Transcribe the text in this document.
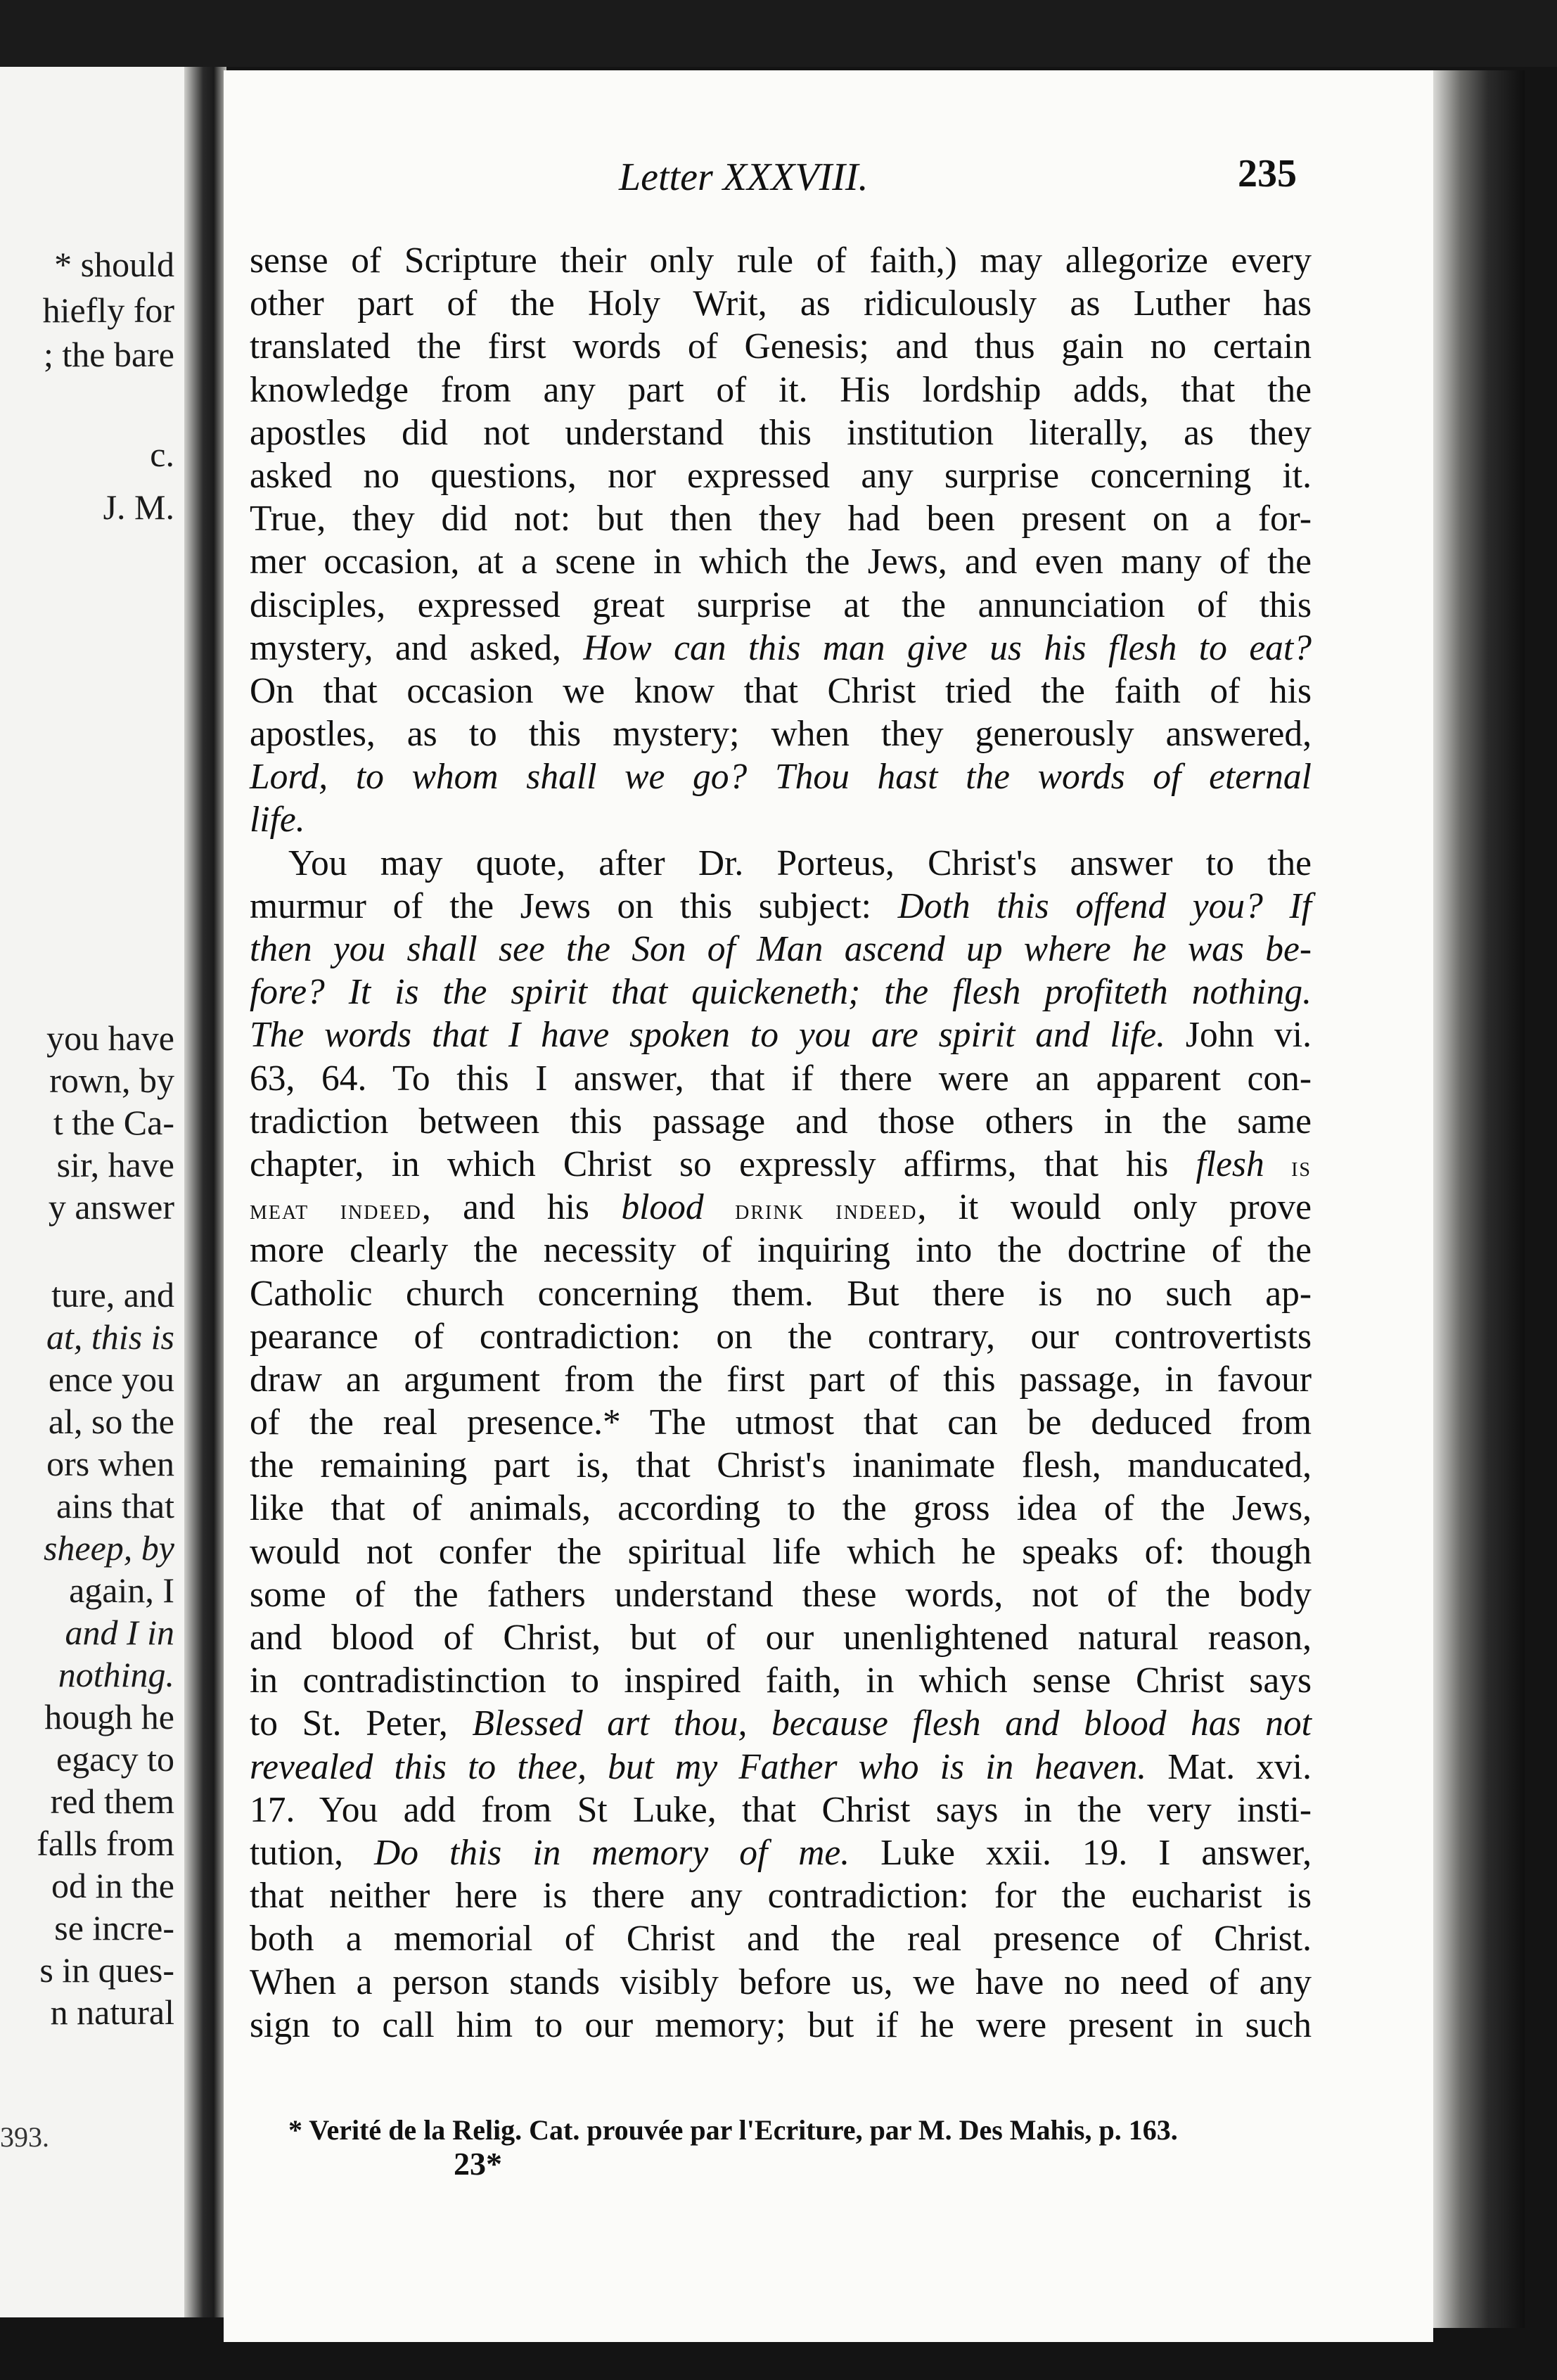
* should
hiefly for
; the bare
c.
J. M.
you have
rown, by
t the Ca-
sir, have
y answer
ture, and
at, this is
ence you
al, so the
ors when
ains that
sheep, by
again, I
and I in
nothing.
hough he
egacy to
red them
falls from
od in the
se incre-
s in ques-
n natural
393.
Letter XXXVIII.	235
sense of Scripture their only rule of faith,) may allegorize every
other part of the Holy Writ, as ridiculously as Luther has
translated the first words of Genesis; and thus gain no certain
knowledge from any part of it. His lordship adds, that the
apostles did not understand this institution literally, as they
asked no questions, nor expressed any surprise concerning it.
True, they did not: but then they had been present on a for-
mer occasion, at a scene in which the Jews, and even many of the
disciples, expressed great surprise at the annunciation of this
mystery, and asked, How can this man give us his flesh to eat?
On that occasion we know that Christ tried the faith of his
apostles, as to this mystery; when they generously answered,
Lord, to whom shall we go? Thou hast the words of eternal
life.
You may quote, after Dr. Porteus, Christ's answer to the
murmur of the Jews on this subject: Doth this offend you? If
then you shall see the Son of Man ascend up where he was be-
fore? It is the spirit that quickeneth; the flesh profiteth nothing.
The words that I have spoken to you are spirit and life. John vi.
63, 64. To this I answer, that if there were an apparent con-
tradiction between this passage and those others in the same
chapter, in which Christ so expressly affirms, that his flesh is
meat indeed, and his blood drink indeed, it would only prove
more clearly the necessity of inquiring into the doctrine of the
Catholic church concerning them. But there is no such ap-
pearance of contradiction: on the contrary, our controvertists
draw an argument from the first part of this passage, in favour
of the real presence.* The utmost that can be deduced from
the remaining part is, that Christ's inanimate flesh, manducated,
like that of animals, according to the gross idea of the Jews,
would not confer the spiritual life which he speaks of: though
some of the fathers understand these words, not of the body
and blood of Christ, but of our unenlightened natural reason,
in contradistinction to inspired faith, in which sense Christ says
to St. Peter, Blessed art thou, because flesh and blood has not
revealed this to thee, but my Father who is in heaven. Mat. xvi.
17. You add from St Luke, that Christ says in the very insti-
tution, Do this in memory of me. Luke xxii. 19. I answer,
that neither here is there any contradiction: for the eucharist is
both a memorial of Christ and the real presence of Christ.
When a person stands visibly before us, we have no need of any
sign to call him to our memory; but if he were present in such
* Verité de la Relig. Cat. prouvée par l'Ecriture, par M. Des Mahis, p. 163.
23*
